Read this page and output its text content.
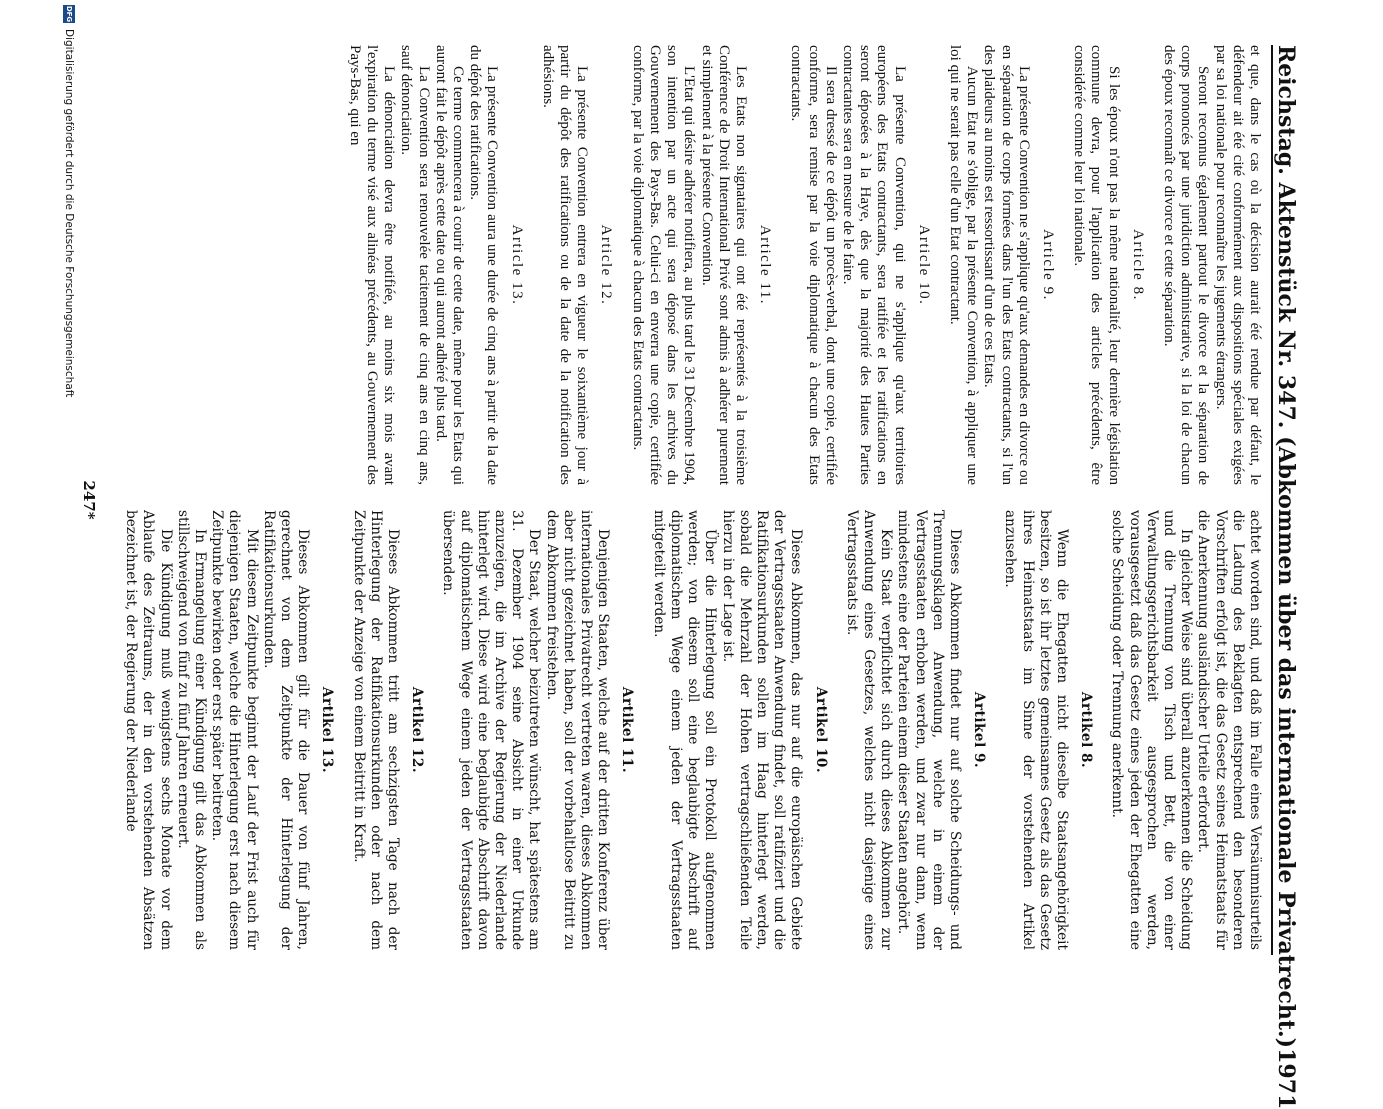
Reichstag. Aktenstück Nr. 347. (Abkommen über das internationale Privatrecht.)
1971

et que, dans le cas où la décision aurait été rendue par défaut, le défendeur ait été cité conformément aux dispositions spéciales exigées par sa loi nationale pour reconnaître les jugements étrangers.

Seront reconnus également partout le divorce et la séparation de corps prononcés par une juridiction administrative, si la loi de chacun des époux reconnaît ce divorce et cette séparation.

Article 8.

Si les époux n'ont pas la même nationalité, leur dernière législation commune devra, pour l'application des articles précédents, être considérée comme leur loi nationale.

Article 9.

La présente Convention ne s'applique qu'aux demandes en divorce ou en séparation de corps formées dans l'un des Etats contractants, si l'un des plaideurs au moins est ressortissant d'un de ces Etats.

Aucun Etat ne s'oblige, par la présente Convention, à appliquer une loi qui ne serait pas celle d'un Etat contractant.

Article 10.

La présente Convention, qui ne s'applique qu'aux territoires européens des Etats contractants, sera ratifiée et les ratifications en seront déposées à la Haye, dès que la majorité des Hautes Parties contractantes sera en mesure de le faire.

Il sera dressé de ce dépôt un procès-verbal, dont une copie, certifiée conforme, sera remise par la voie diplomatique à chacun des Etats contractants.

Article 11.

Les Etats non signataires qui ont été représentés à la troisième Conférence de Droit International Privé sont admis à adhérer purement et simplement à la présente Convention.

L'Etat qui désire adhérer notifiera, au plus tard le 31 Décembre 1904, son intention par un acte qui sera déposé dans les archives du Gouvernement des Pays-Bas. Celui-ci en enverra une copie, certifiée conforme, par la voie diplomatique à chacun des Etats contractants.

Article 12.

La présente Convention entrera en vigueur le soixantième jour à partir du dépôt des ratifications ou de la date de la notification des adhésions.

Article 13.

La présente Convention aura une durée de cinq ans à partir de la date du dépôt des ratifications.

Ce terme commencera à courir de cette date, même pour les Etats qui auront fait le dépôt après cette date ou qui auront adhéré plus tard.

La Convention sera renouvelée tacitement de cinq ans en cinq ans, sauf dénonciation.

La dénonciation devra être notifiée, au moins six mois avant l'expiration du terme visé aux alinéas précédents, au Gouvernement des Pays-Bas, qui en

achtet worden sind, und daß im Falle eines Versäumnisurteils die Ladung des Beklagten entsprechend den besonderen Vorschriften erfolgt ist, die das Gesetz seines Heimatstaats für die Anerkennung ausländischer Urteile erfordert.

In gleicher Weise sind überall anzuerkennen die Scheidung und die Trennung von Tisch und Bett, die von einer Verwaltungsgerichtsbarkeit ausgesprochen werden, vorausgesetzt daß das Gesetz eines jeden der Ehegatten eine solche Scheidung oder Trennung anerkennt.

Artikel 8.

Wenn die Ehegatten nicht dieselbe Staatsangehörigkeit besitzen, so ist ihr letztes gemeinsames Gesetz als das Gesetz ihres Heimatstaats im Sinne der vorstehenden Artikel anzusehen.

Artikel 9.

Dieses Abkommen findet nur auf solche Scheidungs- und Trennungsklagen Anwendung, welche in einem der Vertragsstaaten erhoben werden, und zwar nur dann, wenn mindestens eine der Parteien einem dieser Staaten angehört.

Kein Staat verpflichtet sich durch dieses Abkommen zur Anwendung eines Gesetzes, welches nicht dasjenige eines Vertragsstaats ist.

Artikel 10.

Dieses Abkommen, das nur auf die europäischen Gebiete der Vertragsstaaten Anwendung findet, soll ratifiziert und die Ratifikationsurkunden sollen im Haag hinterlegt werden, sobald die Mehrzahl der Hohen vertragschließenden Teile hierzu in der Lage ist.

Über die Hinterlegung soll ein Protokoll aufgenommen werden; von diesem soll eine beglaubigte Abschrift auf diplomatischem Wege einem jeden der Vertragsstaaten mitgeteilt werden.

Artikel 11.

Denjenigen Staaten, welche auf der dritten Konferenz über internationales Privatrecht vertreten waren, dieses Abkommen aber nicht gezeichnet haben, soll der vorbehaltlose Beitritt zu dem Abkommen freistehen.

Der Staat, welcher beizutreten wünscht, hat spätestens am 31. Dezember 1904 seine Absicht in einer Urkunde anzuzeigen, die im Archive der Regierung der Niederlande hinterlegt wird. Diese wird eine beglaubigte Abschrift davon auf diplomatischem Wege einem jeden der Vertragsstaaten übersenden.

Artikel 12.

Dieses Abkommen tritt am sechzigsten Tage nach der Hinterlegung der Ratifikationsurkunden oder nach dem Zeitpunkte der Anzeige von einem Beitritt in Kraft.

Artikel 13.

Dieses Abkommen gilt für die Dauer von fünf Jahren, gerechnet von dem Zeitpunkte der Hinterlegung der Ratifikationsurkunden.

Mit diesem Zeitpunkte beginnt der Lauf der Frist auch für diejenigen Staaten, welche die Hinterlegung erst nach diesem Zeitpunkte bewirken oder erst später beitreten.

In Ermangelung einer Kündigung gilt das Abkommen als stillschweigend von fünf zu fünf Jahren erneuert.

Die Kündigung muß wenigstens sechs Monate vor dem Ablaufe des Zeitraums, der in den vorstehenden Absätzen bezeichnet ist, der Regierung der Niederlande

247*
DFG
Digitalisierung gefördert durch die Deutsche Forschungsgemeinschaft
